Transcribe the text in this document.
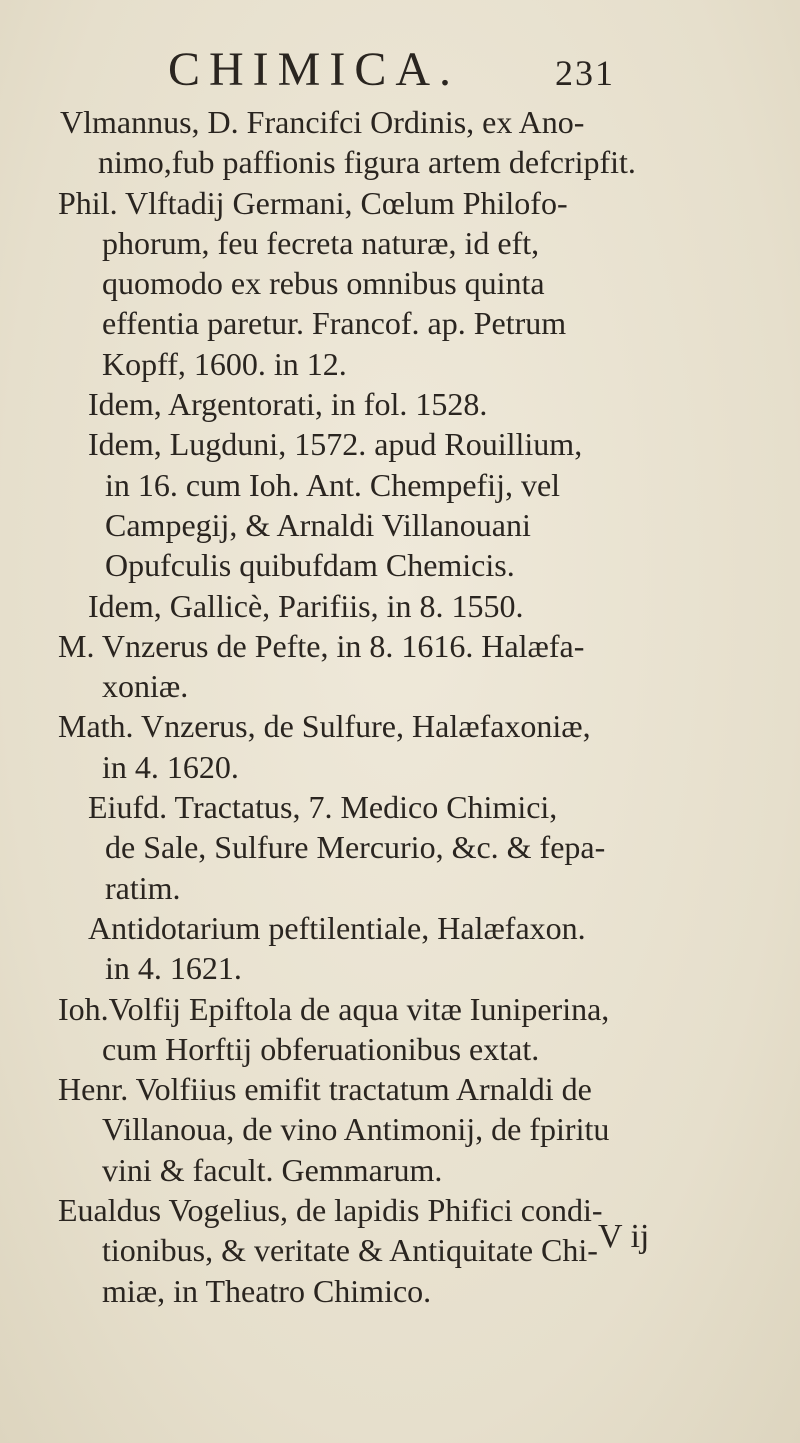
CHIMICA.	231
Vlmannus, D. Francifci Ordinis, ex Ano-
nimo,fub paffionis figura artem defcripfit.
Phil. Vlftadij Germani, Cœlum Philofo-
phorum, feu fecreta naturæ, id eft,
quomodo ex rebus omnibus quinta
effentia paretur. Francof. ap. Petrum
Kopff, 1600. in 12.
Idem, Argentorati, in fol. 1528.
Idem, Lugduni, 1572. apud Rouillium,
in 16. cum Ioh. Ant. Chempefij, vel
Campegij, & Arnaldi Villanouani
Opufculis quibufdam Chemicis.
Idem, Gallicè, Parifiis, in 8. 1550.
M. Vnzerus de Pefte, in 8. 1616. Halæfa-
xoniæ.
Math. Vnzerus, de Sulfure, Halæfaxoniæ,
in 4. 1620.
Eiufd. Tractatus, 7. Medico Chimici,
de Sale, Sulfure Mercurio, &c. & fepa-
ratim.
Antidotarium peftilentiale, Halæfaxon.
in 4. 1621.
Ioh.Volfij Epiftola de aqua vitæ Iuniperina,
cum Horftij obferuationibus extat.
Henr. Volfiius emifit tractatum Arnaldi de
Villanoua, de vino Antimonij, de fpiritu
vini & facult. Gemmarum.
Eualdus Vogelius, de lapidis Phifici condi-
tionibus, & veritate & Antiquitate Chi-
miæ, in Theatro Chimico.
V ij
